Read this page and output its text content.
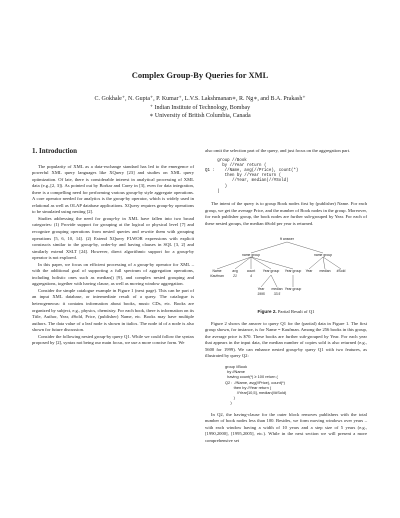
Complex Group-By Queries for XML
C. Gokhale⁺, N. Gupta⁺, P. Kumar⁺, L.V.S. Lakshmanan∗, R. Ng∗, and B.A. Prakash⁺
⁺ Indian Institute of Technology, Bombay
∗ University of British Columbia, Canada
1. Introduction

The popularity of XML as a data-exchange standard has led to the emergence of powerful XML query languages like XQuery [23] and studies on XML query optimization. Of late, there is considerable interest in analytical processing of XML data (e.g.,[2, 3]). As pointed out by Borkar and Carey in [3], even for data integration, there is a compelling need for performing various group-by style aggregate operations. A core operator needed for analytics is the group-by operator, which is widely used in relational as well as OLAP database applications. XQuery requires group-by operations to be simulated using nesting [2].

Studies addressing the need for group-by in XML have fallen into two broad categories: (1) Provide support for grouping at the logical or physical level [7] and recognize grouping operations from nested queries and rewrite them with grouping operations [5, 6, 10, 14]. (2) Extend XQuery FLWOR expressions with explicit constructs similar to the group-by, order-by and having clauses in SQL [3, 2] and similarly extend XSLT [24]. However, direct algorithmic support for a group-by operator is not explored.

In this paper, we focus on efficient processing of a group-by operator for XML – with the additional goal of supporting a full spectrum of aggregation operations, including holistic ones such as median() [9], and complex nested grouping and aggregations, together with having clause, as well as moving window aggregation.

Consider the simple catalogue example in Figure 1 (next page). This can be part of an input XML database, or intermediate result of a query. The catalogue is heterogeneous: it contains information about books, music CDs, etc. Books are organized by subject, e.g., physics, chemistry. For each book, there is information on its Title, Author, Year, #Sold, Price, (publisher) Name, etc. Books may have multiple authors. The data value of a leaf node is shown in italics. The node id of a node is also shown for future discussion.

Consider the following nested group-by query Q1. While we could follow the syntax proposed by [2], syntax not being our main focus, we use a more concise form. We

also omit the selection part of the query, and just focus on the aggregation part.

group //Book
by //Year return (
Q1 :    //Name, avg(//Price), count(*)
then by //Year return (
//Year, median(//#Sold)
)
)

The intent of the query is to group Book nodes first by (publisher) Name. For each group, we get the average Price, and the number of Book nodes in the group. Moreover, for each publisher group, the book nodes are further sub-grouped by Year. For each of these nested groups, the median #Sold per year is returned.

ft answer
name group	name group
Name	avg	count Year group Year group
Kaufman	21	4
Year median #Sold
Year median Year group
1995	33.5
Figure 2. Partial Result of Q1

Figure 2 shows the answer to query Q1 for the (partial) data in Figure 1. The first group shown, for instance, is for Name = Kaufman. Among the 256 books in this group, the average price is $70. These books are further sub-grouped by Year. For each year that appears in the input data, the median number of copies sold is also returned (e.g., 5600 for 1999). We can enhance nested group-by query Q1 with two features, as illustrated by query Q2:

group //Book
by //Name
having count(*) ≥ 100 return (
Q2 :  //Name, avg(//Price), count(*)
then by //Year return (
//Year[10,5], median(//#Sold)
)
)

In Q2, the having-clause for the outer block removes publishers with the total number of book nodes less than 100. Besides, we form moving windows over years – with each window having a width of 10 years and a step size of 5 years (e.g., [1990,2000], [1995,2005], etc.). While in the next section we will present a more comprehensive set
